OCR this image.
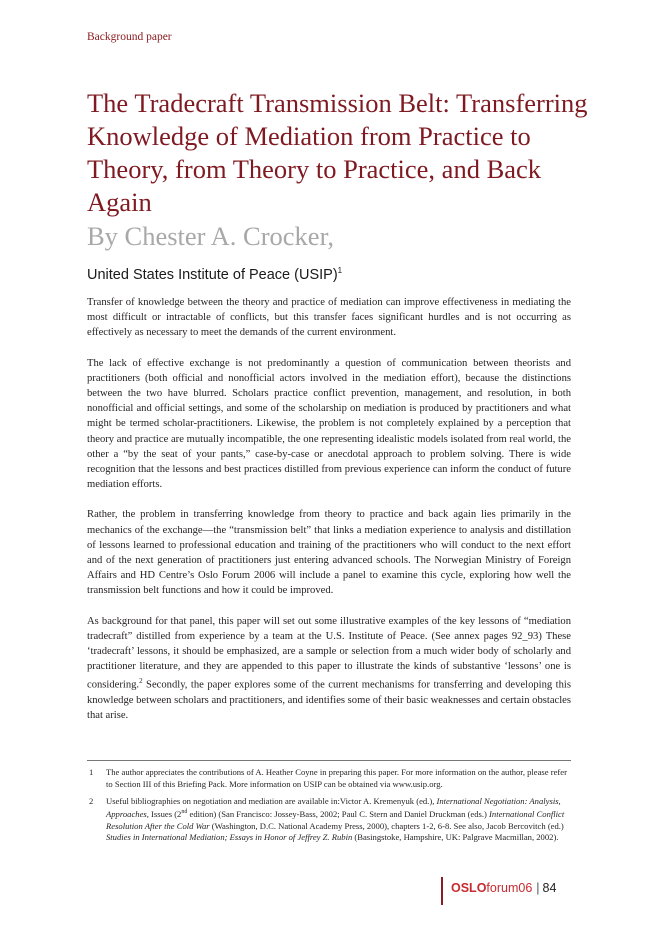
Background paper
The Tradecraft Transmission Belt: Transferring Knowledge of Mediation from Practice to Theory, from Theory to Practice, and Back Again
By Chester A. Crocker,
United States Institute of Peace (USIP)$^1$

Transfer of knowledge between the theory and practice of mediation can improve effectiveness in mediating the most difficult or intractable of conflicts, but this transfer faces significant hurdles and is not occurring as effectively as necessary to meet the demands of the current environment.

The lack of effective exchange is not predominantly a question of communication between theorists and practitioners (both official and nonofficial actors involved in the mediation effort), because the distinctions between the two have blurred. Scholars practice conflict prevention, management, and resolution, in both nonofficial and official settings, and some of the scholarship on mediation is produced by practitioners and what might be termed scholar-practitioners. Likewise, the problem is not completely explained by a perception that theory and practice are mutually incompatible, the one representing idealistic models isolated from real world, the other a “by the seat of your pants,” case-by-case or anecdotal approach to problem solving. There is wide recognition that the lessons and best practices distilled from previous experience can inform the conduct of future mediation efforts.

Rather, the problem in transferring knowledge from theory to practice and back again lies primarily in the mechanics of the exchange—the “transmission belt” that links a mediation experience to analysis and distillation of lessons learned to professional education and training of the practitioners who will conduct to the next effort and of the next generation of practitioners just entering advanced schools. The Norwegian Ministry of Foreign Affairs and HD Centre’s Oslo Forum 2006 will include a panel to examine this cycle, exploring how well the transmission belt functions and how it could be improved.

As background for that panel, this paper will set out some illustrative examples of the key lessons of “mediation tradecraft” distilled from experience by a team at the U.S. Institute of Peace. (See annex pages 92_93) These ‘tradecraft’ lessons, it should be emphasized, are a sample or selection from a much wider body of scholarly and practitioner literature, and they are appended to this paper to illustrate the kinds of substantive ‘lessons’ one is considering.$^2$ Secondly, the paper explores some of the current mechanisms for transferring and developing this knowledge between scholars and practitioners, and identifies some of their basic weaknesses and certain obstacles that arise.

1 The author appreciates the contributions of A. Heather Coyne in preparing this paper. For more information on the author, please refer to Section III of this Briefing Pack. More information on USIP can be obtained via www.usip.org.
2 Useful bibliographies on negotiation and mediation are available in:Victor A. Kremenyuk (ed.), International Negotiation: Analysis, Approaches, Issues (2nd edition) (San Francisco: Jossey-Bass, 2002; Paul C. Stern and Daniel Druckman (eds.) International Conflict Resolution After the Cold War (Washington, D.C. National Academy Press, 2000), chapters 1-2, 6-8. See also, Jacob Bercovitch (ed.) Studies in International Mediation; Essays in Honor of Jeffrey Z. Rubin (Basingstoke, Hampshire, UK: Palgrave Macmillan, 2002).
OSLOforum06 | 84
